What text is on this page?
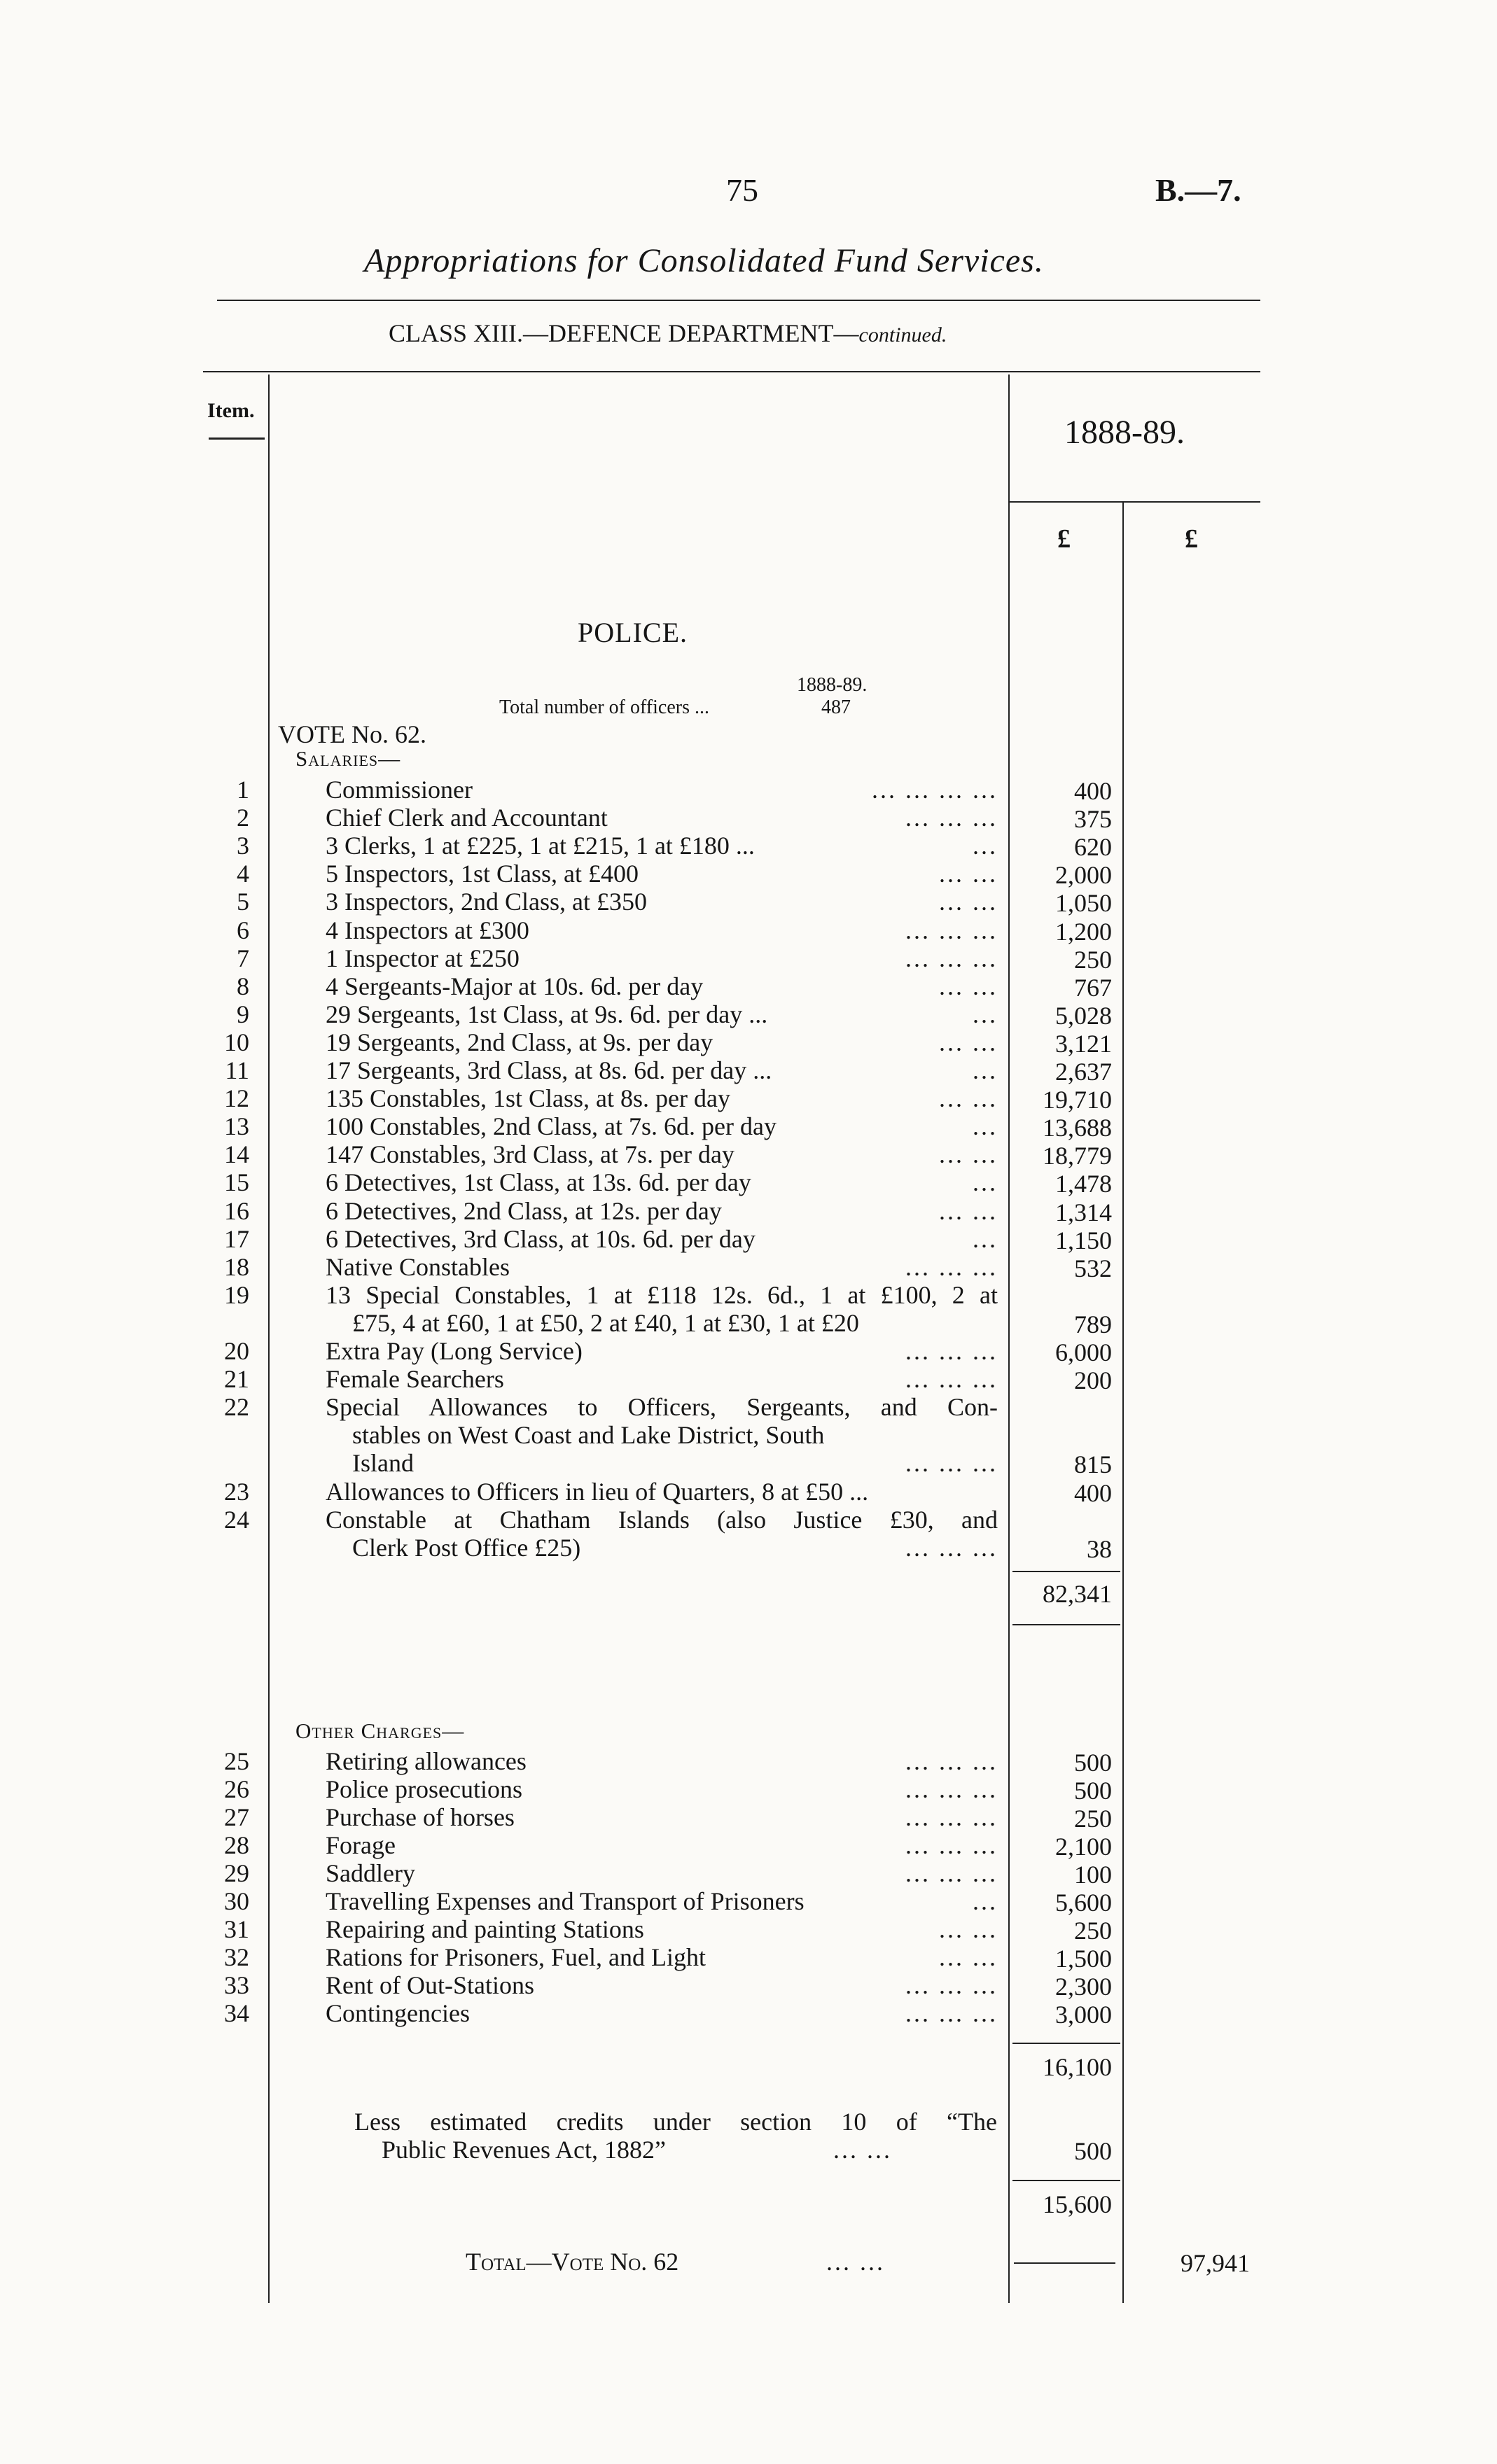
75	B.—7.
Appropriations for Consolidated Fund Services.
CLASS XIII.—DEFENCE DEPARTMENT—continued.
Item.
1888-89.
£	£
POLICE.
1888-89.
Total number of officers ...	487
VOTE No. 62.
Salaries—
1	Commissioner	... ... ... ...	400
2	Chief Clerk and Accountant	... ... ...	375
3	3 Clerks, 1 at £225, 1 at £215, 1 at £180 ...	...	620
4	5 Inspectors, 1st Class, at £400	... ...	2,000
5	3 Inspectors, 2nd Class, at £350	... ...	1,050
6	4 Inspectors at £300	... ... ...	1,200
7	1 Inspector at £250	... ... ...	250
8	4 Sergeants-Major at 10s. 6d. per day	... ...	767
9	29 Sergeants, 1st Class, at 9s. 6d. per day ...	...	5,028
10	19 Sergeants, 2nd Class, at 9s. per day	... ...	3,121
11	17 Sergeants, 3rd Class, at 8s. 6d. per day ...	...	2,637
12	135 Constables, 1st Class, at 8s. per day	... ...	19,710
13	100 Constables, 2nd Class, at 7s. 6d. per day	...	13,688
14	147 Constables, 3rd Class, at 7s. per day	... ...	18,779
15	6 Detectives, 1st Class, at 13s. 6d. per day	...	1,478
16	6 Detectives, 2nd Class, at 12s. per day	... ...	1,314
17	6 Detectives, 3rd Class, at 10s. 6d. per day	...	1,150
18	Native Constables	... ... ...	532
19	13 Special Constables, 1 at £118 12s. 6d., 1 at £100, 2 at
£75, 4 at £60, 1 at £50, 2 at £40, 1 at £30, 1 at £20	789
20	Extra Pay (Long Service)	... ... ...	6,000
21	Female Searchers	... ... ...	200
22	Special Allowances to Officers, Sergeants, and Con-
stables on West Coast and Lake District, South
Island	... ... ...	815
23	Allowances to Officers in lieu of Quarters, 8 at £50 ...	400
24	Constable at Chatham Islands (also Justice £30, and
Clerk Post Office £25)	... ... ...	38
82,341
Other Charges—
25	Retiring allowances	... ... ...	500
26	Police prosecutions	... ... ...	500
27	Purchase of horses	... ... ...	250
28	Forage	... ... ...	2,100
29	Saddlery	... ... ...	100
30	Travelling Expenses and Transport of Prisoners	...	5,600
31	Repairing and painting Stations	... ...	250
32	Rations for Prisoners, Fuel, and Light	... ...	1,500
33	Rent of Out-Stations	... ... ...	2,300
34	Contingencies	... ... ...	3,000
16,100
Less estimated credits under section 10 of “The
Public Revenues Act, 1882”	... ...	500
15,600
Total—Vote No. 62	... ...	97,941
